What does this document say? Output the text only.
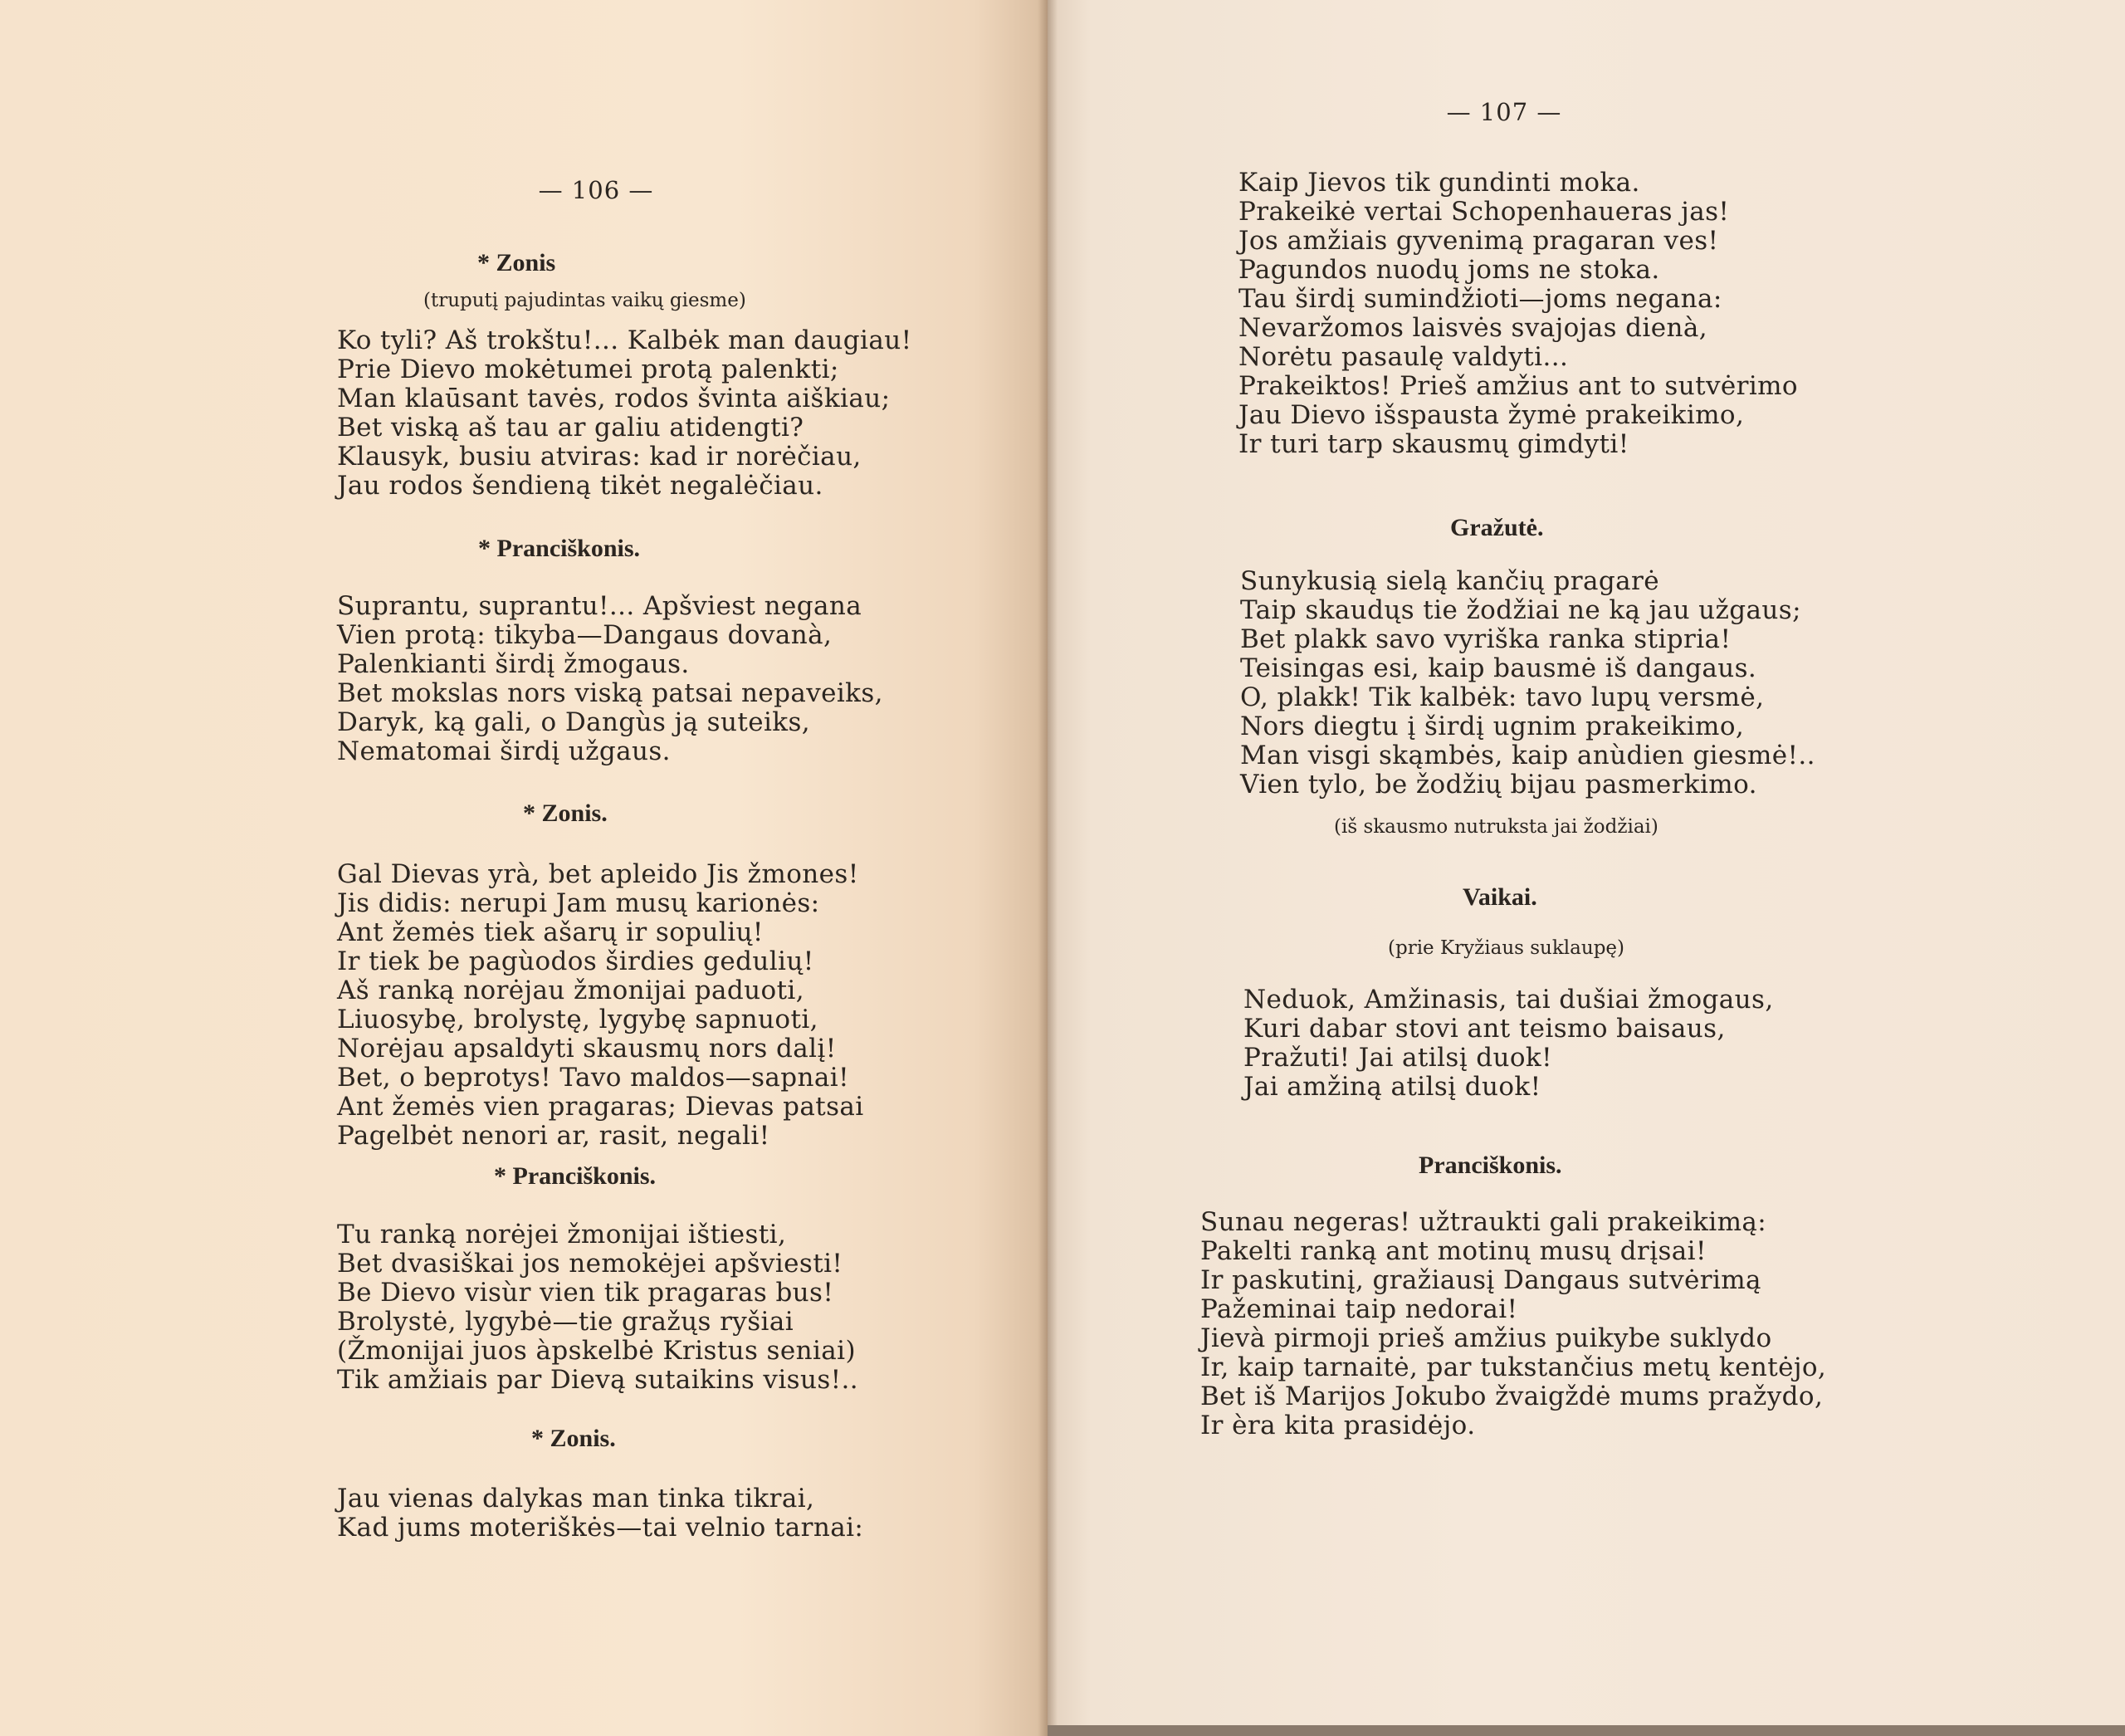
— 106 —

* Zonis

(truputį pajudintas vaikų giesme)

Ko tyli? Aš trokštu!... Kalbėk man daugiau!
Prie Dievo mokėtumei protą palenkti;
Man klaūsant tavės, rodos švinta aiškiau;
Bet viską aš tau ar galiu atidengti?
Klausyk, busiu atviras: kad ir norėčiau,
Jau rodos šendieną tikėt negalėčiau.

* Pranciškonis.

Suprantu, suprantu!... Apšviest negana
Vien protą: tikyba—Dangaus dovanà,
Palenkianti širdį žmogaus.
Bet mokslas nors viską patsai nepaveiks,
Daryk, ką gali, o Dangùs ją suteiks,
Nematomai širdį užgaus.

* Zonis.

Gal Dievas yrà, bet apleido Jis žmones!
Jis didis: nerupi Jam musų karionės:
Ant žemės tiek ašarų ir sopulių!
Ir tiek be pagùodos širdies gedulių!
Aš ranką norėjau žmonijai paduoti,
Liuosybę, brolystę, lygybę sapnuoti,
Norėjau apsaldyti skausmų nors dalį!
Bet, o beprotys! Tavo maldos—sapnai!
Ant žemės vien pragaras; Dievas patsai
Pagelbėt nenori ar, rasit, negali!

* Pranciškonis.

Tu ranką norėjei žmonijai ištiesti,
Bet dvasiškai jos nemokėjei apšviesti!
Be Dievo visùr vien tik pragaras bus!
Brolystė, lygybė—tie gražųs ryšiai
(Žmonijai juos àpskelbė Kristus seniai)
Tik amžiais par Dievą sutaikins visus!..

* Zonis.

Jau vienas dalykas man tinka tikrai,
Kad jums moteriškės—tai velnio tarnai:

— 107 —

Kaip Jievos tik gundinti moka.
Prakeikė vertai Schopenhaueras jas!
Jos amžiais gyvenimą pragaran ves!
Pagundos nuodų joms ne stoka.
Tau širdį sumindžioti—joms negana:
Nevaržomos laisvės svajojas dienà,
Norėtu pasaulę valdyti...
Prakeiktos! Prieš amžius ant to sutvėrimo
Jau Dievo išspausta žymė prakeikimo,
Ir turi tarp skausmų gimdyti!

Gražutė.

Sunykusią sielą kančių pragarė
Taip skaudųs tie žodžiai ne ką jau užgaus;
Bet plakk savo vyriška ranka stipria!
Teisingas esi, kaip bausmė iš dangaus.
O, plakk! Tik kalbėk: tavo lupų versmė,
Nors diegtu į širdį ugnim prakeikimo,
Man visgi skąmbės, kaip anùdien giesmė!..
Vien tylo, be žodžių bijau pasmerkimo.

(iš skausmo nutruksta jai žodžiai)

Vaikai.

(prie Kryžiaus suklaupę)

Neduok, Amžinasis, tai dušiai žmogaus,
Kuri dabar stovi ant teismo baisaus,
Pražuti! Jai atilsį duok!
Jai amžiną atilsį duok!

Pranciškonis.

Sunau negeras! užtraukti gali prakeikimą:
Pakelti ranką ant motinų musų drįsai!
Ir paskutinį, gražiausį Dangaus sutvėrimą
Pažeminai taip nedorai!
Jievà pirmoji prieš amžius puikybe suklydo
Ir, kaip tarnaitė, par tukstančius metų kentėjo,
Bet iš Marijos Jokubo žvaigždė mums pražydo,
Ir èra kita prasidėjo.
